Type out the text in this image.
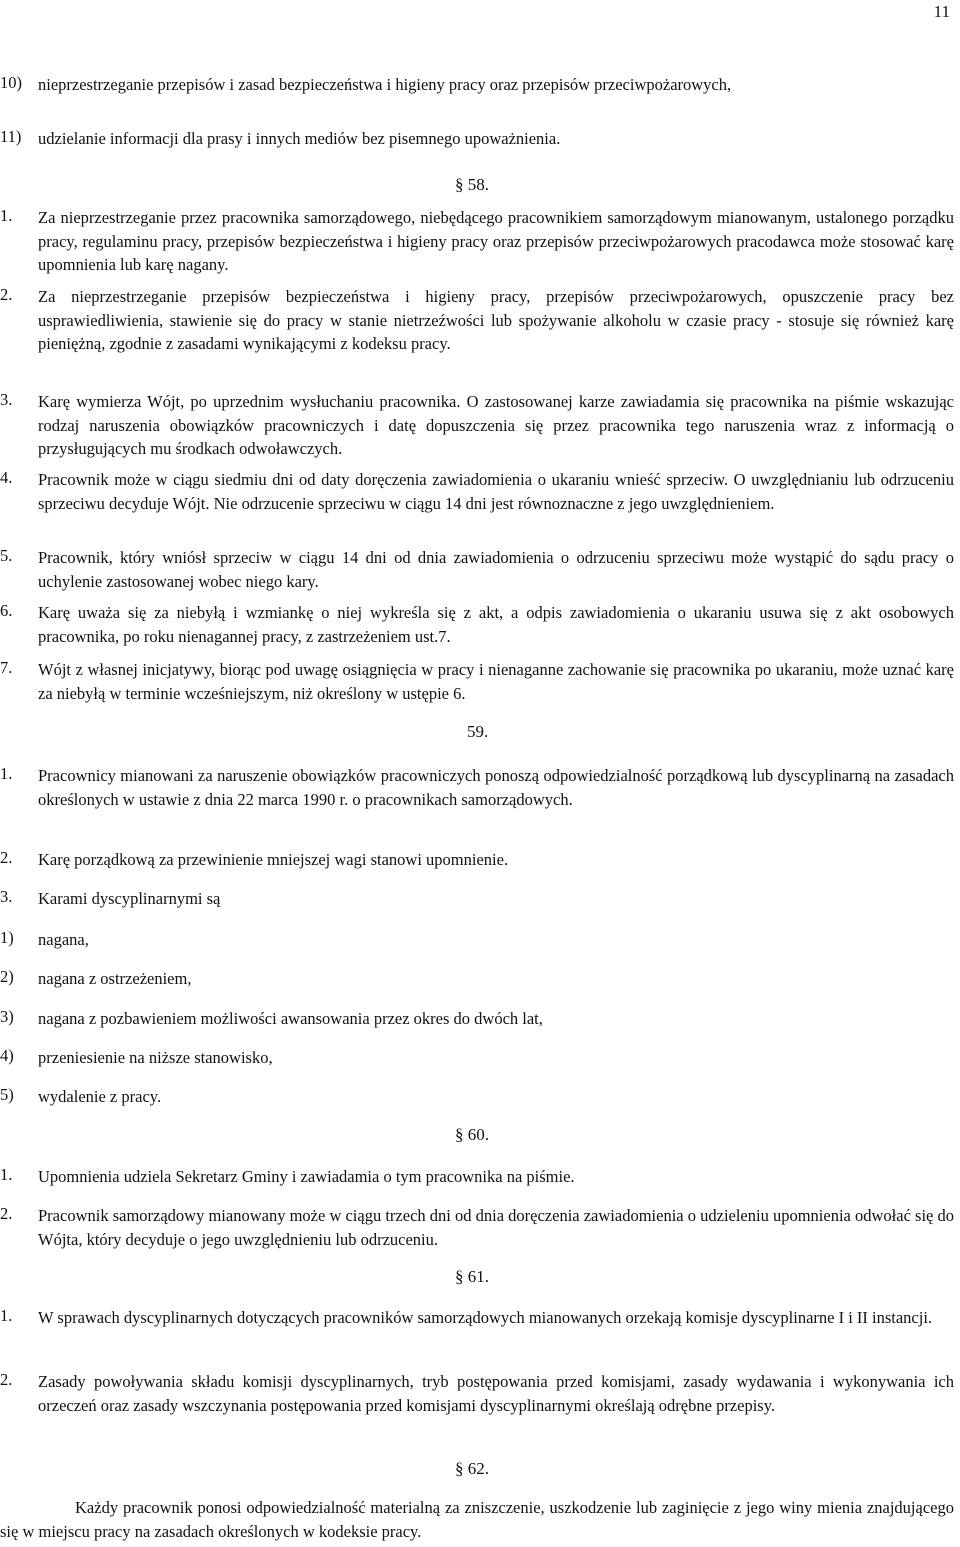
11
10) nieprzestrzeganie przepisów i zasad bezpieczeństwa i higieny pracy oraz przepisów przeciwpożarowych,
11)	udzielanie informacji dla prasy i innych mediów bez pisemnego upoważnienia.
§ 58.
1.	Za nieprzestrzeganie przez pracownika samorządowego, niebędącego pracownikiem samorządowym mianowanym, ustalonego porządku pracy, regulaminu pracy, przepisów bezpieczeństwa i higieny pracy oraz przepisów przeciwpożarowych pracodawca może stosować karę upomnienia lub karę nagany.
2.	Za nieprzestrzeganie przepisów bezpieczeństwa i higieny pracy, przepisów przeciwpożarowych, opuszczenie pracy bez usprawiedliwienia, stawienie się do pracy w stanie nietrzeźwości lub spożywanie alkoholu w czasie pracy - stosuje się również karę pieniężną, zgodnie z zasadami wynikającymi z kodeksu pracy.
3.	Karę wymierza Wójt, po uprzednim wysłuchaniu pracownika. O zastosowanej karze zawiadamia się pracownika na piśmie wskazując rodzaj naruszenia obowiązków pracowniczych i datę dopuszczenia się przez pracownika tego naruszenia wraz z informacją o przysługujących mu środkach odwoławczych.
4.	Pracownik może w ciągu siedmiu dni od daty doręczenia zawiadomienia o ukaraniu wnieść sprzeciw. O uwzględnianiu lub odrzuceniu sprzeciwu decyduje Wójt. Nie odrzucenie sprzeciwu w ciągu 14 dni jest równoznaczne z jego uwzględnieniem.
5.	Pracownik, który wniósł sprzeciw w ciągu 14 dni od dnia zawiadomienia o odrzuceniu sprzeciwu może wystąpić do sądu pracy o uchylenie zastosowanej wobec niego kary.
6.	Karę uważa się za niebyłą i wzmiankę o niej wykreśla się z akt, a odpis zawiadomienia o ukaraniu usuwa się z akt osobowych pracownika, po roku nienagannej pracy, z zastrzeżeniem ust.7.
7.	Wójt z własnej inicjatywy, biorąc pod uwagę osiągnięcia w pracy i nienaganne zachowanie się pracownika po ukaraniu, może uznać karę za niebyłą w terminie wcześniejszym, niż określony w ustępie 6.
59.
1.	Pracownicy mianowani za naruszenie obowiązków pracowniczych ponoszą odpowiedzialność porządkową lub dyscyplinarną na zasadach określonych w ustawie z dnia 22 marca 1990 r. o pracownikach samorządowych.
2.	Karę porządkową za przewinienie mniejszej wagi stanowi upomnienie.
3.	Karami dyscyplinarnymi są
1)	nagana,
2)	nagana z ostrzeżeniem,
3)	nagana z pozbawieniem możliwości awansowania przez okres do dwóch lat,
4)	przeniesienie na niższe stanowisko,
5)	wydalenie z pracy.
§ 60.
1.	Upomnienia udziela Sekretarz Gminy i zawiadamia o tym pracownika na piśmie.
2.	Pracownik samorządowy mianowany może w ciągu trzech dni od dnia doręczenia zawiadomienia o udzieleniu upomnienia odwołać się do Wójta, który decyduje o jego uwzględnieniu lub odrzuceniu.
§ 61.
1.	W sprawach dyscyplinarnych dotyczących pracowników samorządowych mianowanych orzekają komisje dyscyplinarne I i II instancji.
2.	Zasady powoływania składu komisji dyscyplinarnych, tryb postępowania przed komisjami, zasady wydawania i wykonywania ich orzeczeń oraz zasady wszczynania postępowania przed komisjami dyscyplinarnymi określają odrębne przepisy.
§ 62.
Każdy pracownik ponosi odpowiedzialność materialną za zniszczenie, uszkodzenie lub zaginięcie z jego winy mienia znajdującego się w miejscu pracy na zasadach określonych w kodeksie pracy.
